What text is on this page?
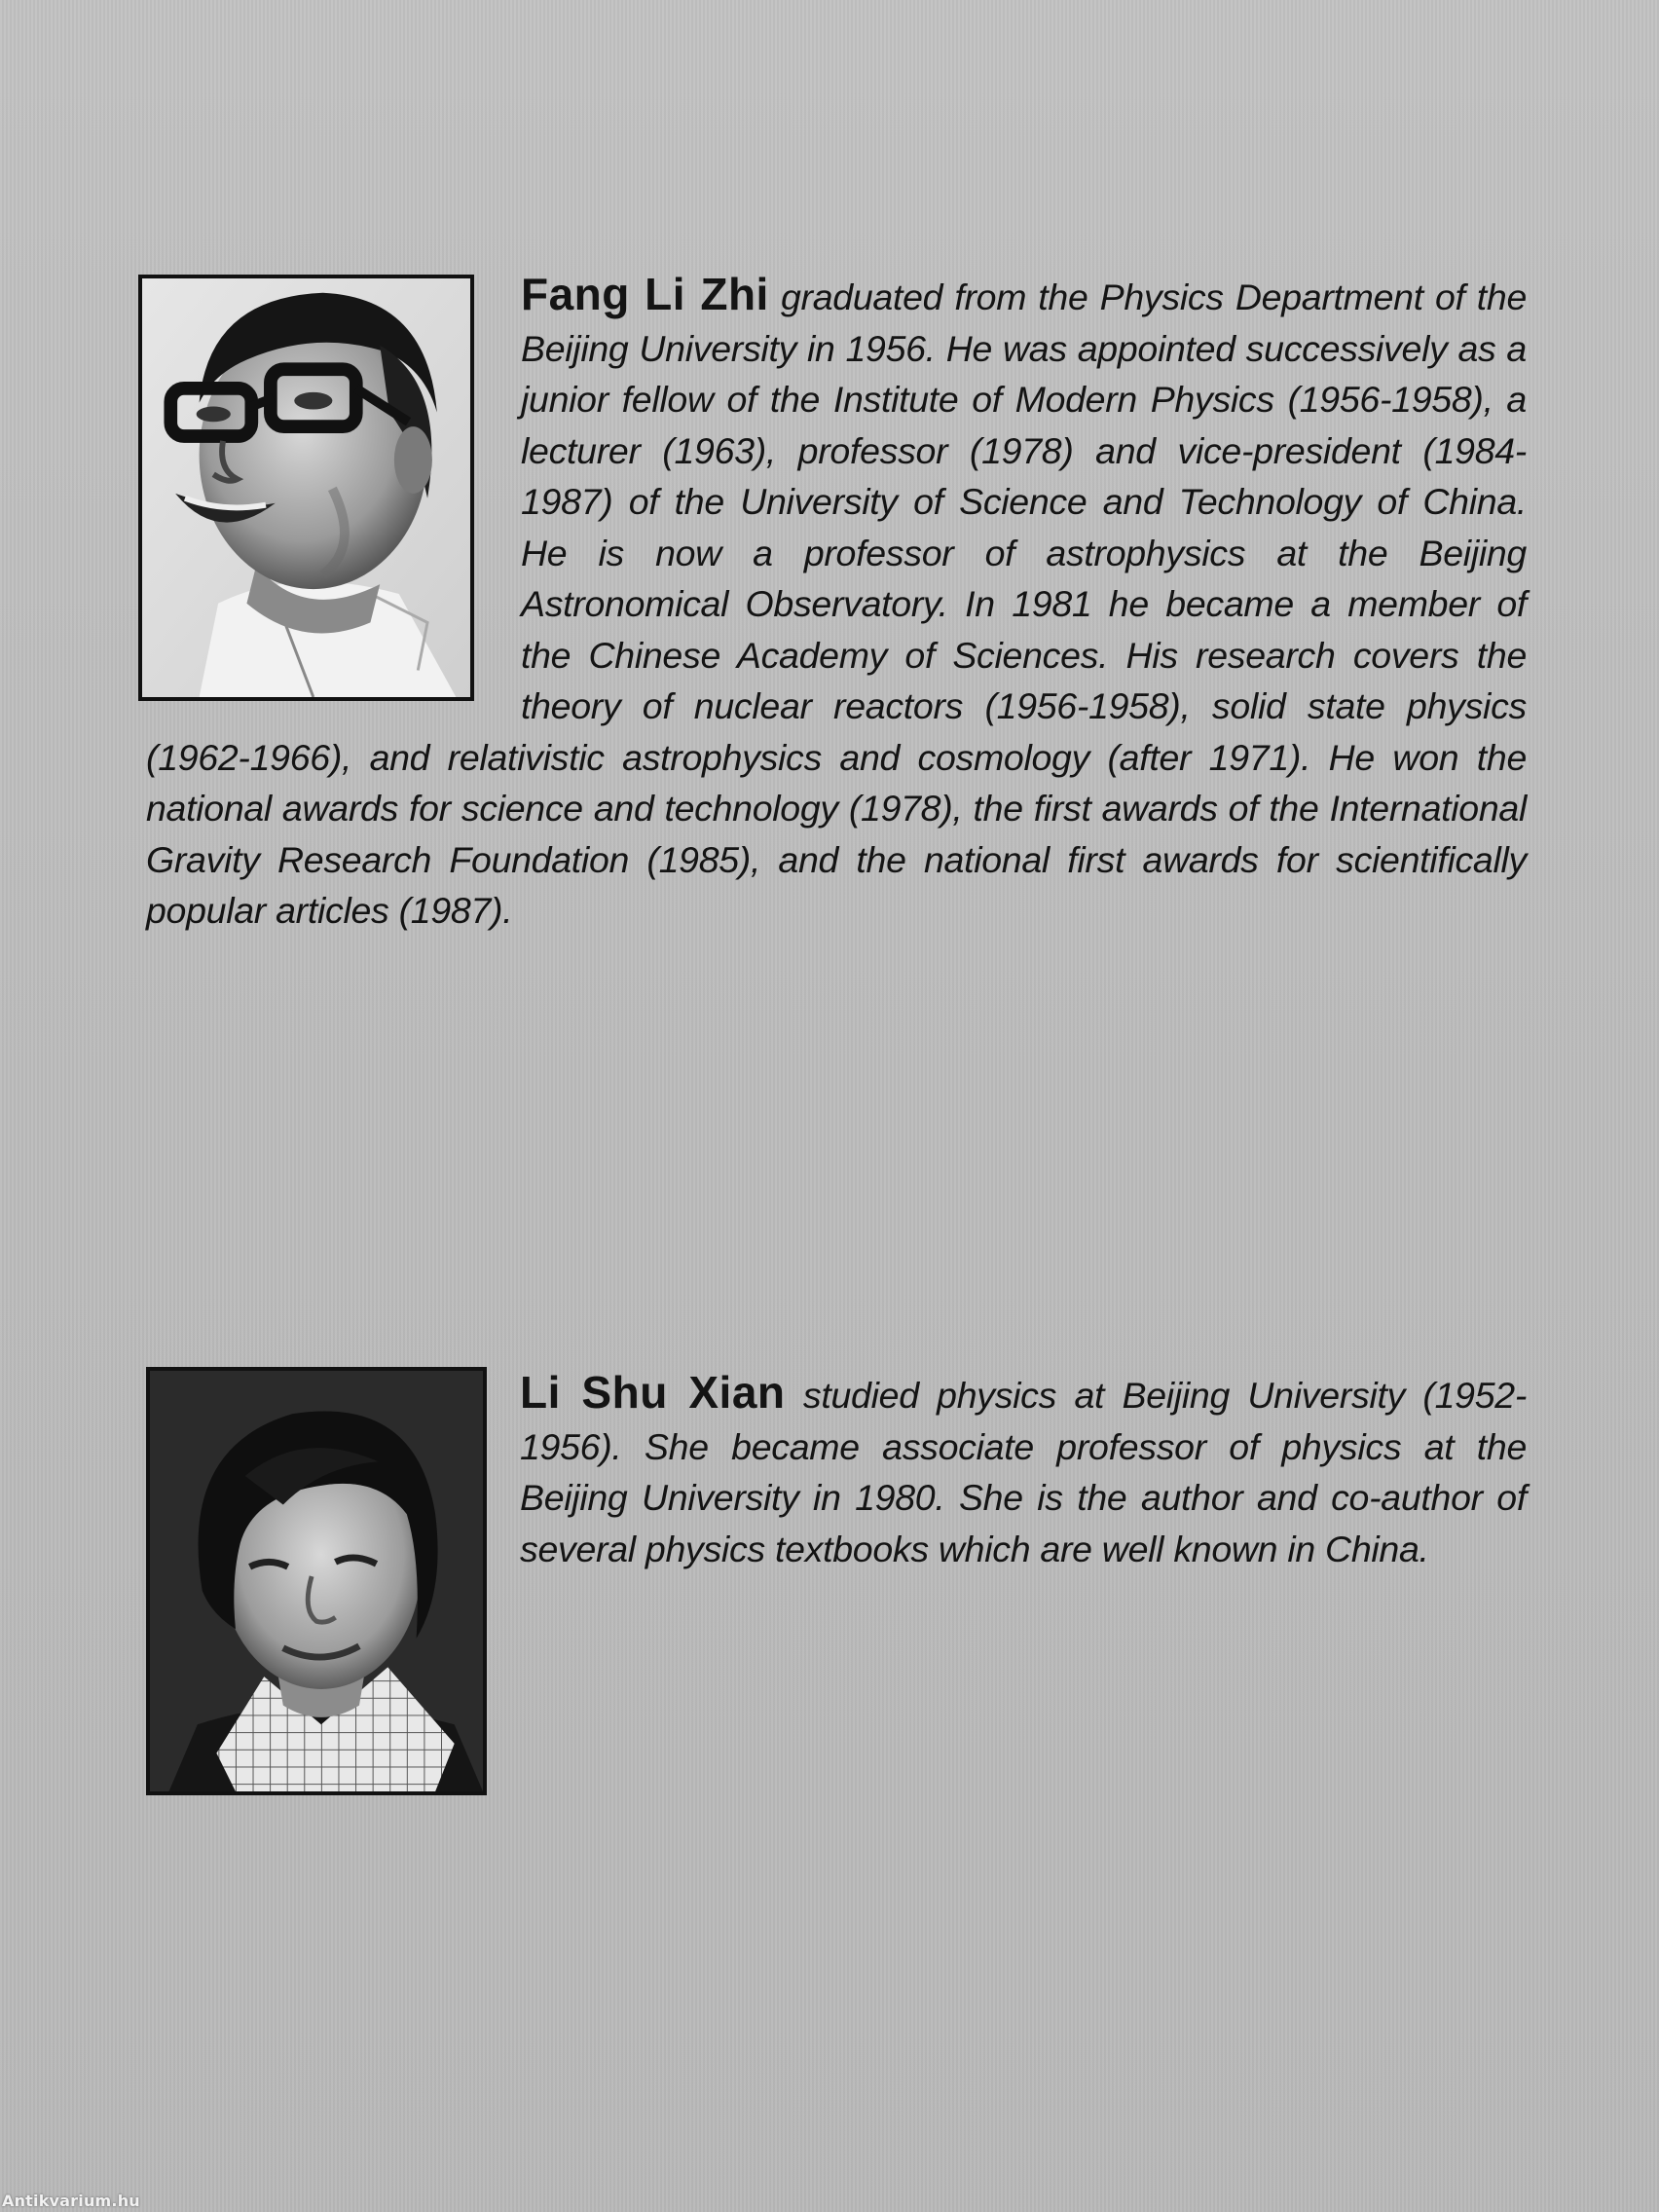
Fang Li Zhi graduated from the Physics Department of the Beijing University in 1956. He was appointed successively as a junior fellow of the Institute of Modern Physics (1956-1958), a lecturer (1963), professor (1978) and vice-president (1984-1987) of the University of Science and Technology of China. He is now a professor of astrophysics at the Beijing Astronomical Observatory. In 1981 he became a member of the Chinese Academy of Sciences. His research covers the theory of nuclear reactors (1956-1958), solid state physics (1962-1966), and relativistic astrophysics and cosmology (after 1971). He won the national awards for science and technology (1978), the first awards of the International Gravity Research Foundation (1985), and the national first awards for scientifically popular articles (1987).
Li Shu Xian studied physics at Beijing University (1952-1956). She became associate professor of physics at the Beijing University in 1980. She is the author and co-author of several physics textbooks which are well known in China.
Antikvarium.hu
